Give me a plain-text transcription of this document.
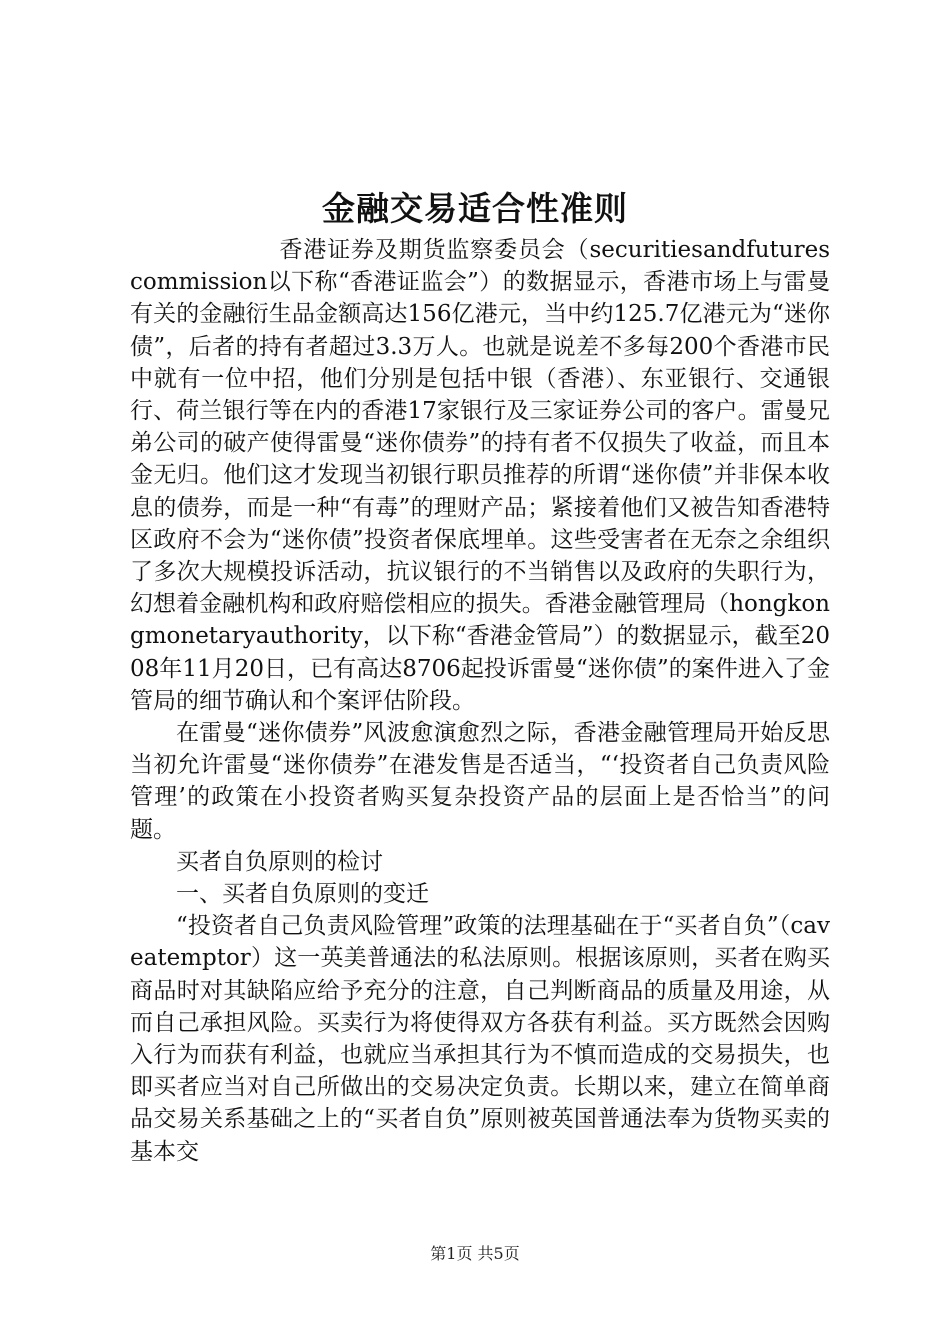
金融交易适合性准则

香港证券及期货监察委员会（securitiesandfuturescommission以下称“香港证监会”）的数据显示，香港市场上与雷曼有关的金融衍生品金额高达156亿港元，当中约125.7亿港元为“迷你债”，后者的持有者超过3.3万人。也就是说差不多每200个香港市民中就有一位中招，他们分别是包括中银（香港）、东亚银行、交通银行、荷兰银行等在内的香港17家银行及三家证券公司的客户。雷曼兄弟公司的破产使得雷曼“迷你债券”的持有者不仅损失了收益，而且本金无归。他们这才发现当初银行职员推荐的所谓“迷你债”并非保本收息的债券，而是一种“有毒”的理财产品；紧接着他们又被告知香港特区政府不会为“迷你债”投资者保底埋单。这些受害者在无奈之余组织了多次大规模投诉活动，抗议银行的不当销售以及政府的失职行为，幻想着金融机构和政府赔偿相应的损失。香港金融管理局（hongkongmonetaryauthority，以下称“香港金管局”）的数据显示，截至2008年11月20日，已有高达8706起投诉雷曼“迷你债”的案件进入了金管局的细节确认和个案评估阶段。

在雷曼“迷你债券”风波愈演愈烈之际，香港金融管理局开始反思当初允许雷曼“迷你债券”在港发售是否适当，“‘投资者自己负责风险管理’的政策在小投资者购买复杂投资产品的层面上是否恰当”的问题。

买者自负原则的检讨

一、买者自负原则的变迁

“投资者自己负责风险管理”政策的法理基础在于“买者自负”（caveatemptor）这一英美普通法的私法原则。根据该原则，买者在购买商品时对其缺陷应给予充分的注意，自己判断商品的质量及用途，从而自己承担风险。买卖行为将使得双方各获有利益。买方既然会因购入行为而获有利益，也就应当承担其行为不慎而造成的交易损失，也即买者应当对自己所做出的交易决定负责。长期以来，建立在简单商品交易关系基础之上的“买者自负”原则被英国普通法奉为货物买卖的基本交

第1页 共5页
